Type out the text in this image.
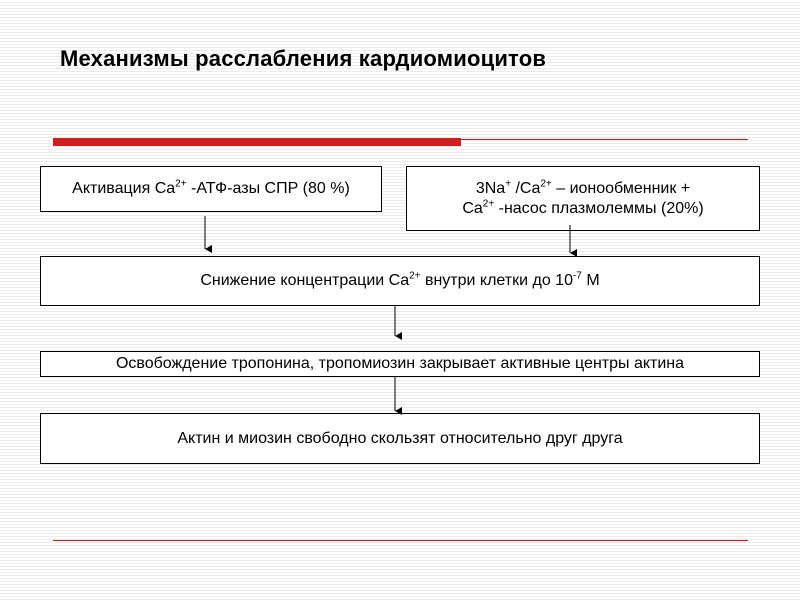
Механизмы расслабления кардиомиоцитов
Активация $Ca^{2+}$ -АТФ-азы СПР (80 %)	3Na+ $/Ca^{2+}$ – ионообменник +
$Ca^{2+}$ -насос плазмолеммы (20%)
Снижение концентрации $Ca^{2+}$ внутри клетки до $10^{-7}$ М
Освобождение тропонина, тропомиозин закрывает активные центры актина
Актин и миозин свободно скользят относительно друг друга
